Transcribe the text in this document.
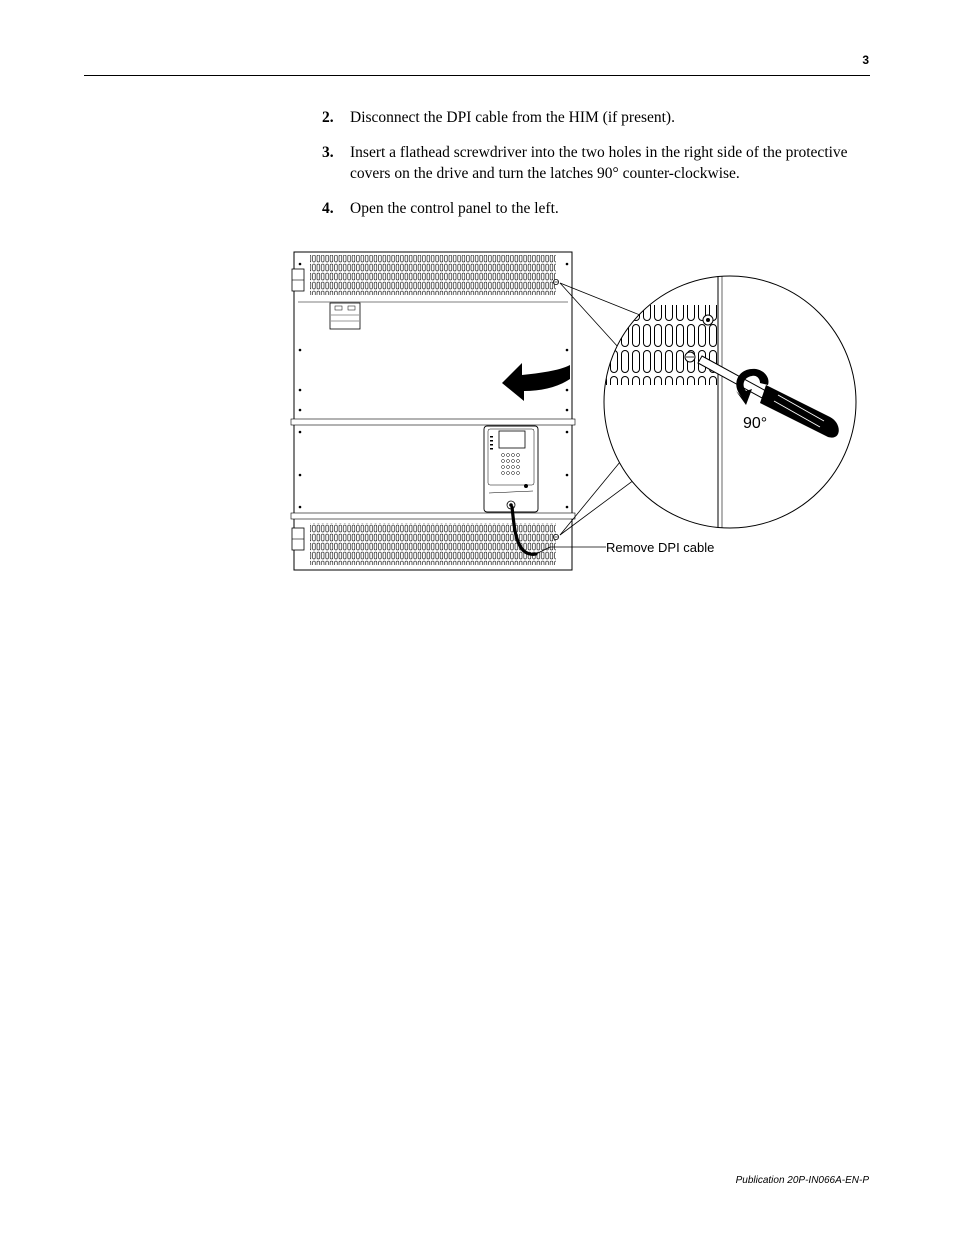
3
2.	Disconnect the DPI cable from the HIM (if present).
3.	Insert a flathead screwdriver into the two holes in the right side of the protective covers on the drive and turn the latches 90° counter-clockwise.
4.	Open the control panel to the left.
90°
Remove DPI cable
Publication 20P-IN066A-EN-P
